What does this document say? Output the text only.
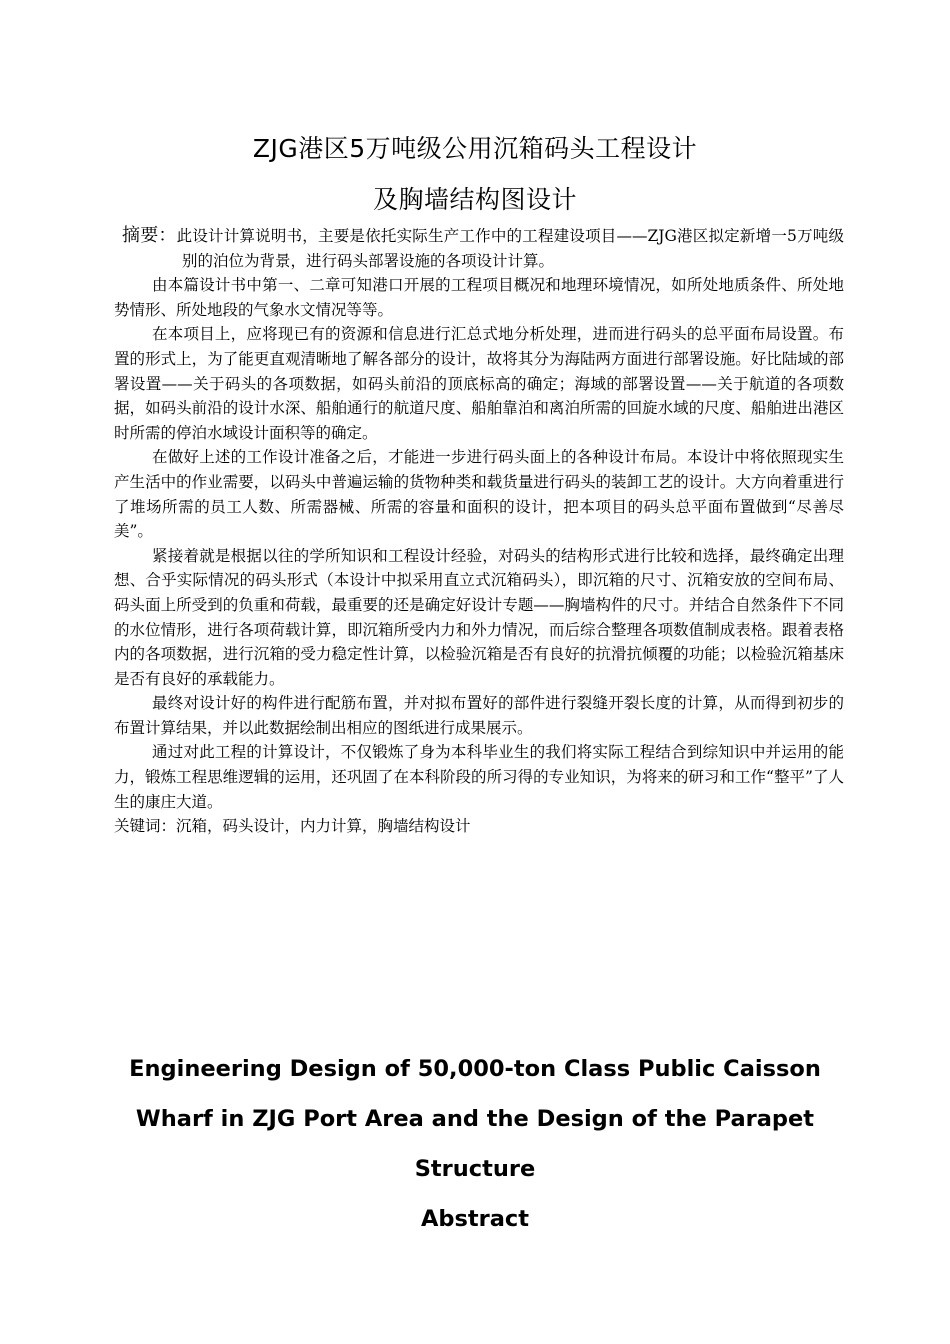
ZJG港区5万吨级公用沉箱码头工程设计
及胸墙结构图设计

摘要：此设计计算说明书，主要是依托实际生产工作中的工程建设项目——ZJG港区拟定新增一5万吨级别的泊位为背景，进行码头部署设施的各项设计计算。

由本篇设计书中第一、二章可知港口开展的工程项目概况和地理环境情况，如所处地质条件、所处地势情形、所处地段的气象水文情况等等。

在本项目上，应将现已有的资源和信息进行汇总式地分析处理，进而进行码头的总平面布局设置。布置的形式上，为了能更直观清晰地了解各部分的设计，故将其分为海陆两方面进行部署设施。好比陆域的部署设置——关于码头的各项数据，如码头前沿的顶底标高的确定；海域的部署设置——关于航道的各项数据，如码头前沿的设计水深、船舶通行的航道尺度、船舶靠泊和离泊所需的回旋水域的尺度、船舶进出港区时所需的停泊水域设计面积等的确定。

在做好上述的工作设计准备之后，才能进一步进行码头面上的各种设计布局。本设计中将依照现实生产生活中的作业需要，以码头中普遍运输的货物种类和载货量进行码头的装卸工艺的设计。大方向着重进行了堆场所需的员工人数、所需器械、所需的容量和面积的设计，把本项目的码头总平面布置做到“尽善尽美”。

紧接着就是根据以往的学所知识和工程设计经验，对码头的结构形式进行比较和选择，最终确定出理想、合乎实际情况的码头形式（本设计中拟采用直立式沉箱码头），即沉箱的尺寸、沉箱安放的空间布局、码头面上所受到的负重和荷载，最重要的还是确定好设计专题——胸墙构件的尺寸。并结合自然条件下不同的水位情形，进行各项荷载计算，即沉箱所受内力和外力情况，而后综合整理各项数值制成表格。跟着表格内的各项数据，进行沉箱的受力稳定性计算，以检验沉箱是否有良好的抗滑抗倾覆的功能；以检验沉箱基床是否有良好的承载能力。

最终对设计好的构件进行配筋布置，并对拟布置好的部件进行裂缝开裂长度的计算，从而得到初步的布置计算结果，并以此数据绘制出相应的图纸进行成果展示。

通过对此工程的计算设计，不仅锻炼了身为本科毕业生的我们将实际工程结合到综知识中并运用的能力，锻炼工程思维逻辑的运用，还巩固了在本科阶段的所习得的专业知识，为将来的研习和工作“整平”了人生的康庄大道。

关键词：沉箱，码头设计，内力计算，胸墙结构设计

Engineering Design of 50,000-ton Class Public Caisson
Wharf in ZJG Port Area and the Design of the Parapet
Structure
Abstract
